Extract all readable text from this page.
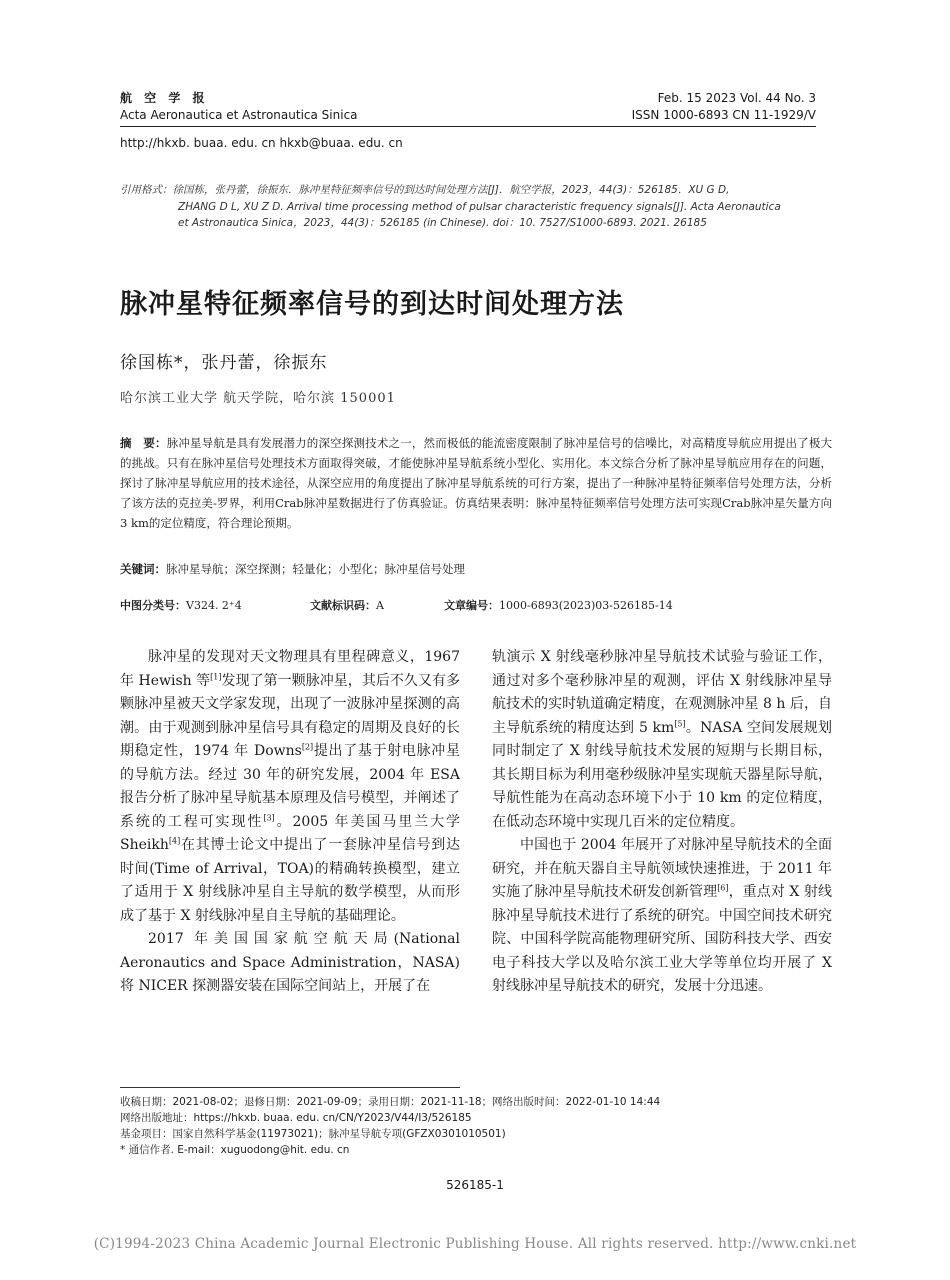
航 空 学 报
Acta Aeronautica et Astronautica Sinica
Feb. 15 2023 Vol. 44 No. 3
ISSN 1000-6893 CN 11-1929/V
http://hkxb. buaa. edu. cn hkxb@buaa. edu. cn
引用格式：徐国栋，张丹蕾，徐振东．脉冲星特征频率信号的到达时间处理方法[J]．航空学报，2023，44(3)：526185．XU G D,
ZHANG D L, XU Z D. Arrival time processing method of pulsar characteristic frequency signals[J]. Acta Aeronautica
et Astronautica Sinica，2023，44(3)：526185 (in Chinese). doi：10. 7527/S1000-6893. 2021. 26185
脉冲星特征频率信号的到达时间处理方法
徐国栋*，张丹蕾，徐振东
哈尔滨工业大学 航天学院，哈尔滨 150001
摘　要：脉冲星导航是具有发展潜力的深空探测技术之一，然而极低的能流密度限制了脉冲星信号的信噪比，对高精度导航应用提出了极大的挑战。只有在脉冲星信号处理技术方面取得突破，才能使脉冲星导航系统小型化、实用化。本文综合分析了脉冲星导航应用存在的问题，探讨了脉冲星导航应用的技术途径，从深空应用的角度提出了脉冲星导航系统的可行方案，提出了一种脉冲星特征频率信号处理方法，分析了该方法的克拉美-罗界，利用Crab脉冲星数据进行了仿真验证。仿真结果表明：脉冲星特征频率信号处理方法可实现Crab脉冲星矢量方向3 km的定位精度，符合理论预期。
关键词：脉冲星导航；深空探测；轻量化；小型化；脉冲星信号处理
中图分类号：V324. 2⁺4	文献标识码：A	文章编号：1000-6893(2023)03-526185-14

脉冲星的发现对天文物理具有里程碑意义，1967 年 Hewish 等[1]发现了第一颗脉冲星，其后不久又有多颗脉冲星被天文学家发现，出现了一波脉冲星探测的高潮。由于观测到脉冲星信号具有稳定的周期及良好的长期稳定性，1974 年 Downs[2]提出了基于射电脉冲星的导航方法。经过 30 年的研究发展，2004 年 ESA 报告分析了脉冲星导航基本原理及信号模型，并阐述了系统的工程可实现性[3]。2005 年美国马里兰大学 Sheikh[4]在其博士论文中提出了一套脉冲星信号到达时间(Time of Arrival，TOA)的精确转换模型，建立了适用于 X 射线脉冲星自主导航的数学模型，从而形成了基于 X 射线脉冲星自主导航的基础理论。

2017 年美国国家航空航天局(National Aeronautics and Space Administration，NASA)将 NICER 探测器安装在国际空间站上，开展了在

轨演示 X 射线毫秒脉冲星导航技术试验与验证工作，通过对多个毫秒脉冲星的观测，评估 X 射线脉冲星导航技术的实时轨道确定精度，在观测脉冲星 8 h 后，自主导航系统的精度达到 5 km[5]。NASA 空间发展规划同时制定了 X 射线导航技术发展的短期与长期目标，其长期目标为利用毫秒级脉冲星实现航天器星际导航，导航性能为在高动态环境下小于 10 km 的定位精度，在低动态环境中实现几百米的定位精度。

中国也于 2004 年展开了对脉冲星导航技术的全面研究，并在航天器自主导航领域快速推进，于 2011 年实施了脉冲星导航技术研发创新管理[6]，重点对 X 射线脉冲星导航技术进行了系统的研究。中国空间技术研究院、中国科学院高能物理研究所、国防科技大学、西安电子科技大学以及哈尔滨工业大学等单位均开展了 X 射线脉冲星导航技术的研究，发展十分迅速。

收稿日期：2021-08-02；退修日期：2021-09-09；录用日期：2021-11-18；网络出版时间：2022-01-10 14:44
网络出版地址：https://hkxb. buaa. edu. cn/CN/Y2023/V44/I3/526185
基金项目：国家自然科学基金(11973021)；脉冲星导航专项(GFZX0301010501)
* 通信作者. E-mail：xuguodong@hit. edu. cn
526185-1
(C)1994-2023 China Academic Journal Electronic Publishing House. All rights reserved. http://www.cnki.net
